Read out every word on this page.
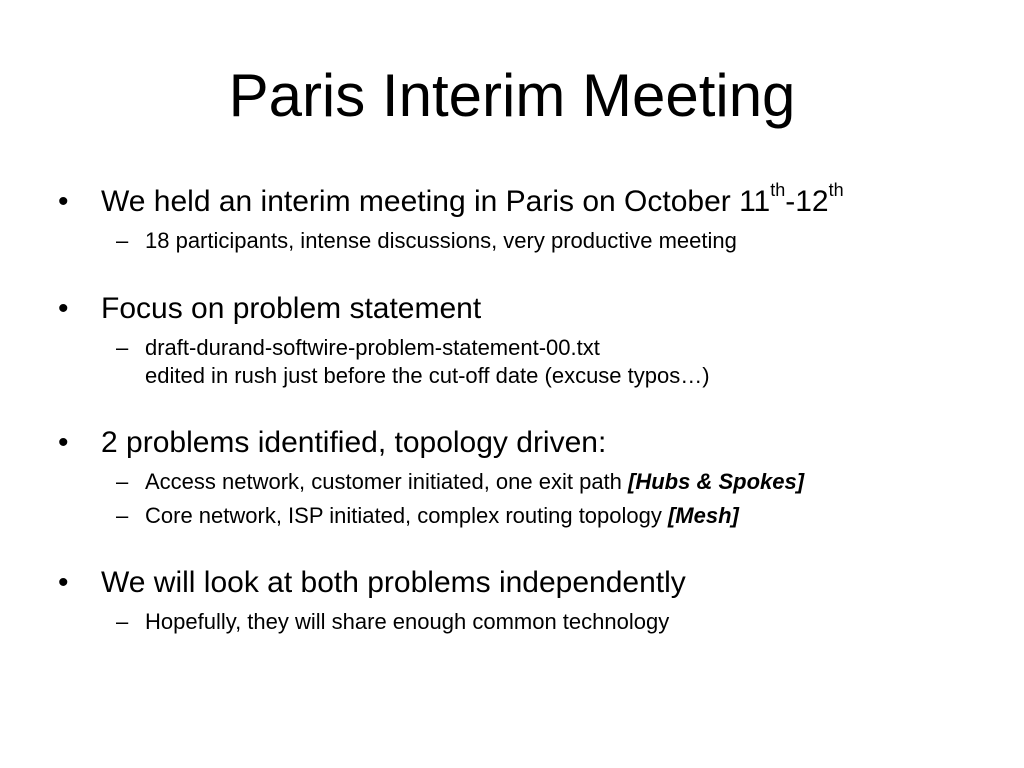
Paris Interim Meeting
• We held an interim meeting in Paris on October 11th-12th
– 18 participants, intense discussions, very productive meeting
• Focus on problem statement
– draft-durand-softwire-problem-statement-00.txt
edited in rush just before the cut-off date (excuse typos…)
• 2 problems identified, topology driven:
– Access network, customer initiated, one exit path [Hubs & Spokes]
– Core network, ISP initiated, complex routing topology [Mesh]
• We will look at both problems independently
– Hopefully, they will share enough common technology
